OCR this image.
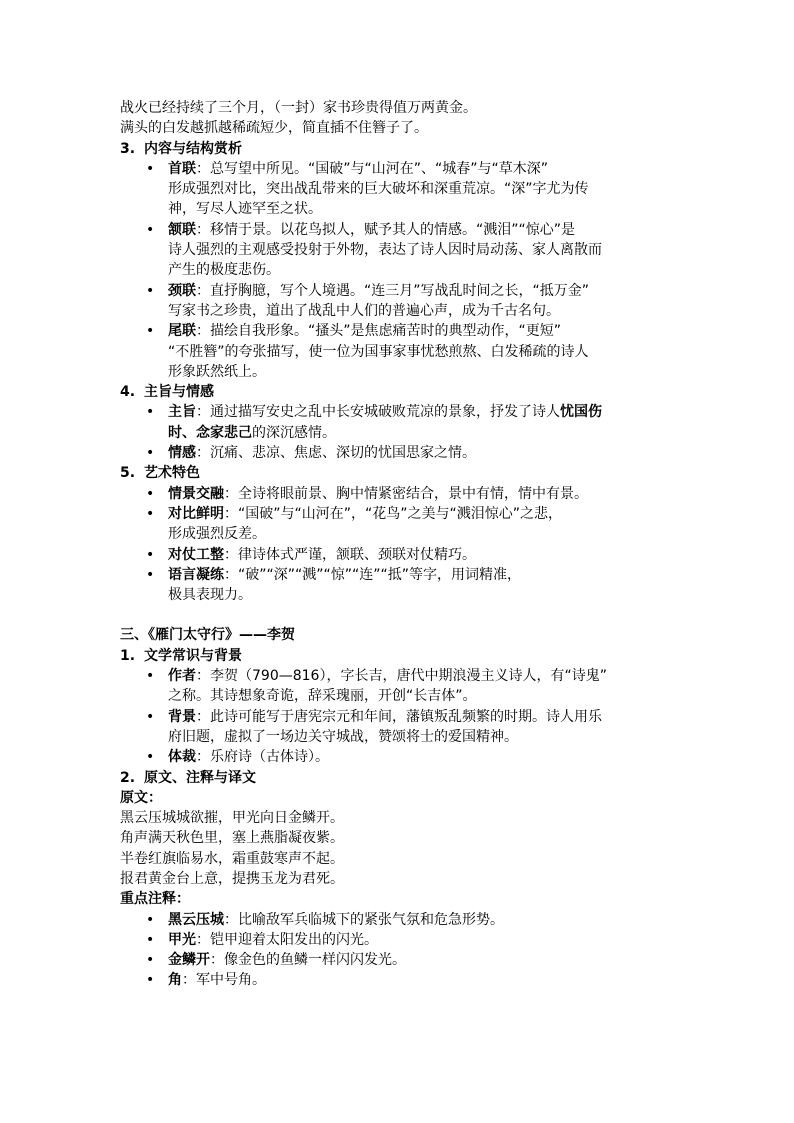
战火已经持续了三个月，（一封）家书珍贵得值万两黄金。
满头的白发越抓越稀疏短少，简直插不住簪子了。
3. 内容与结构赏析
• 首联：总写望中所见。“国破”与“山河在”、“城春”与“草木深”
形成强烈对比，突出战乱带来的巨大破坏和深重荒凉。“深”字尤为传
神，写尽人迹罕至之状。
• 颔联：移情于景。以花鸟拟人，赋予其人的情感。“溅泪”“惊心”是
诗人强烈的主观感受投射于外物，表达了诗人因时局动荡、家人离散而
产生的极度悲伤。
• 颈联：直抒胸臆，写个人境遇。“连三月”写战乱时间之长，“抵万金”
写家书之珍贵，道出了战乱中人们的普遍心声，成为千古名句。
• 尾联：描绘自我形象。“搔头”是焦虑痛苦时的典型动作，“更短”
“不胜簪”的夸张描写，使一位为国事家事忧愁煎熬、白发稀疏的诗人
形象跃然纸上。
4. 主旨与情感
• 主旨：通过描写安史之乱中长安城破败荒凉的景象，抒发了诗人忧国伤
时、念家悲己的深沉感情。
• 情感：沉痛、悲凉、焦虑、深切的忧国思家之情。
5. 艺术特色
• 情景交融：全诗将眼前景、胸中情紧密结合，景中有情，情中有景。
• 对比鲜明：“国破”与“山河在”，“花鸟”之美与“溅泪惊心”之悲，
形成强烈反差。
• 对仗工整：律诗体式严谨，颔联、颈联对仗精巧。
• 语言凝练：“破”“深”“溅”“惊”“连”“抵”等字，用词精准，
极具表现力。
三、《雁门太守行》——李贺
1. 文学常识与背景
• 作者：李贺（790—816），字长吉，唐代中期浪漫主义诗人，有“诗鬼”
之称。其诗想象奇诡，辞采瑰丽，开创“长吉体”。
• 背景：此诗可能写于唐宪宗元和年间，藩镇叛乱频繁的时期。诗人用乐
府旧题，虚拟了一场边关守城战，赞颂将士的爱国精神。
• 体裁：乐府诗（古体诗）。
2. 原文、注释与译文
原文：
黑云压城城欲摧，甲光向日金鳞开。
角声满天秋色里，塞上燕脂凝夜紫。
半卷红旗临易水，霜重鼓寒声不起。
报君黄金台上意，提携玉龙为君死。
重点注释：
• 黑云压城：比喻敌军兵临城下的紧张气氛和危急形势。
• 甲光：铠甲迎着太阳发出的闪光。
• 金鳞开：像金色的鱼鳞一样闪闪发光。
• 角：军中号角。
